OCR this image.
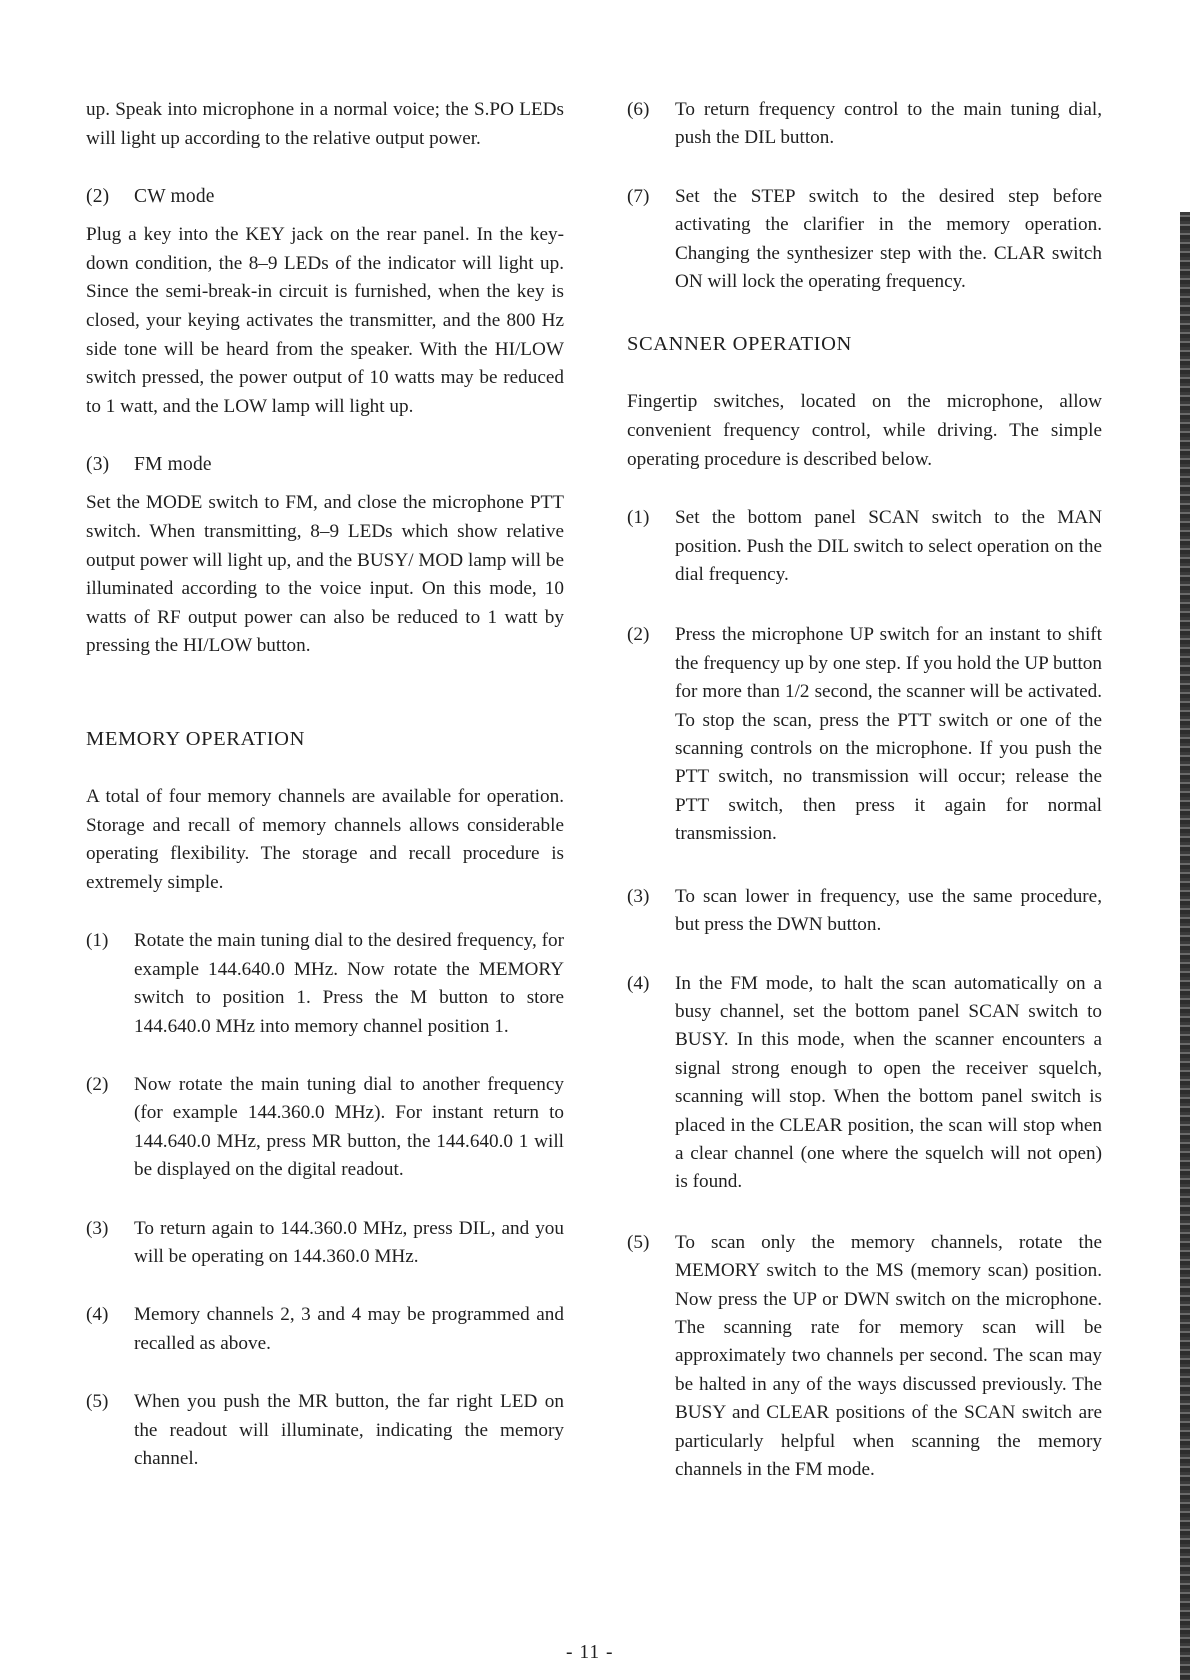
up. Speak into microphone in a normal voice; the S.PO LEDs will light up according to the relative output power.

(2) CW mode

Plug a key into the KEY jack on the rear panel. In the key-down condition, the 8–9 LEDs of the indicator will light up. Since the semi-break-in circuit is furnished, when the key is closed, your keying activates the transmitter, and the 800 Hz side tone will be heard from the speaker. With the HI/LOW switch pressed, the power output of 10 watts may be reduced to 1 watt, and the LOW lamp will light up.

(3) FM mode

Set the MODE switch to FM, and close the microphone PTT switch. When transmitting, 8–9 LEDs which show relative output power will light up, and the BUSY/ MOD lamp will be illuminated according to the voice input. On this mode, 10 watts of RF output power can also be reduced to 1 watt by pressing the HI/LOW button.

MEMORY OPERATION

A total of four memory channels are available for operation. Storage and recall of memory channels allows considerable operating flexibility. The storage and recall procedure is extremely simple.

(1)	Rotate the main tuning dial to the desired frequency, for example 144.640.0 MHz. Now rotate the MEMORY switch to position 1. Press the M button to store 144.640.0 MHz into memory channel position 1.
(2)	Now rotate the main tuning dial to another frequency (for example 144.360.0 MHz). For instant return to 144.640.0 MHz, press MR button, the 144.640.0 1 will be displayed on the digital readout.
(3)	To return again to 144.360.0 MHz, press DIL, and you will be operating on 144.360.0 MHz.
(4)	Memory channels 2, 3 and 4 may be programmed and recalled as above.
(5)	When you push the MR button, the far right LED on the readout will illuminate, indicating the memory channel.
(6)	To return frequency control to the main tuning dial, push the DIL button.
(7)	Set the STEP switch to the desired step before activating the clarifier in the memory operation. Changing the synthesizer step with the. CLAR switch ON will lock the operating frequency.
SCANNER OPERATION

Fingertip switches, located on the microphone, allow convenient frequency control, while driving. The simple operating procedure is described below.

(1)	Set the bottom panel SCAN switch to the MAN position. Push the DIL switch to select operation on the dial frequency.
(2)	Press the microphone UP switch for an instant to shift the frequency up by one step. If you hold the UP button for more than 1/2 second, the scanner will be activated. To stop the scan, press the PTT switch or one of the scanning controls on the microphone. If you push the PTT switch, no transmission will occur; release the PTT switch, then press it again for normal transmission.
(3)	To scan lower in frequency, use the same procedure, but press the DWN button.
(4)	In the FM mode, to halt the scan automatically on a busy channel, set the bottom panel SCAN switch to BUSY. In this mode, when the scanner encounters a signal strong enough to open the receiver squelch, scanning will stop. When the bottom panel switch is placed in the CLEAR position, the scan will stop when a clear channel (one where the squelch will not open) is found.
(5)	To scan only the memory channels, rotate the MEMORY switch to the MS (memory scan) position. Now press the UP or DWN switch on the microphone. The scanning rate for memory scan will be approximately two channels per second. The scan may be halted in any of the ways discussed previously. The BUSY and CLEAR positions of the SCAN switch are particularly helpful when scanning the memory channels in the FM mode.
- 11 -
